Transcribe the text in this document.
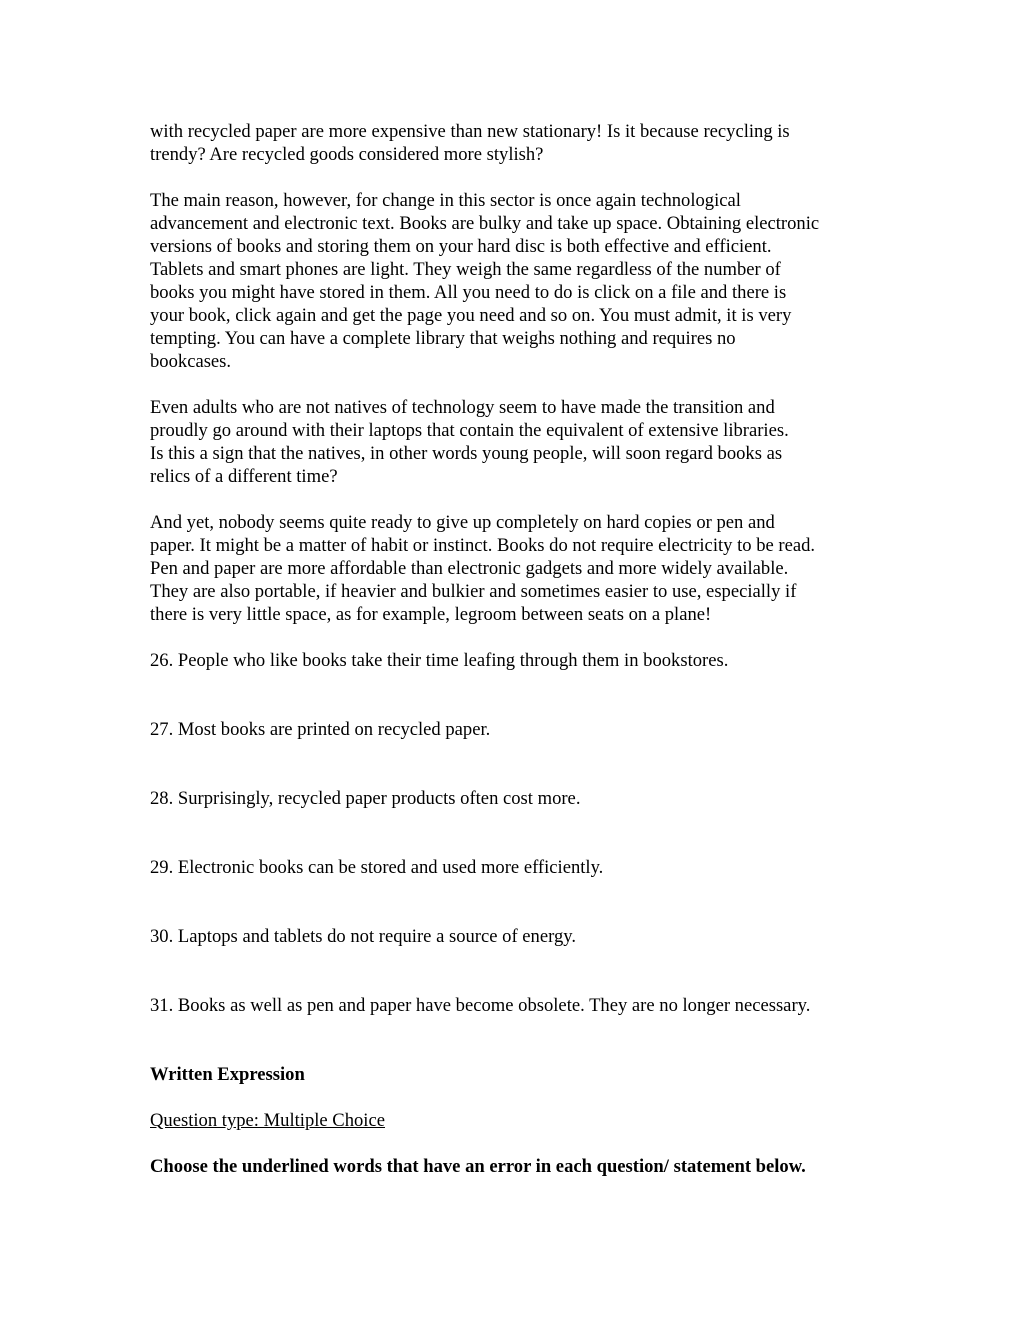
with recycled paper are more expensive than new stationary! Is it because recycling is
trendy? Are recycled goods considered more stylish?
The main reason, however, for change in this sector is once again technological
advancement and electronic text. Books are bulky and take up space. Obtaining electronic
versions of books and storing them on your hard disc is both effective and efficient.
Tablets and smart phones are light. They weigh the same regardless of the number of
books you might have stored in them. All you need to do is click on a file and there is
your book, click again and get the page you need and so on. You must admit, it is very
tempting. You can have a complete library that weighs nothing and requires no
bookcases.
Even adults who are not natives of technology seem to have made the transition and
proudly go around with their laptops that contain the equivalent of extensive libraries.
Is this a sign that the natives, in other words young people, will soon regard books as
relics of a different time?
And yet, nobody seems quite ready to give up completely on hard copies or pen and
paper. It might be a matter of habit or instinct. Books do not require electricity to be read.
Pen and paper are more affordable than electronic gadgets and more widely available.
They are also portable, if heavier and bulkier and sometimes easier to use, especially if
there is very little space, as for example, legroom between seats on a plane!
26. People who like books take their time leafing through them in bookstores.
27. Most books are printed on recycled paper.
28. Surprisingly, recycled paper products often cost more.
29. Electronic books can be stored and used more efficiently.
30. Laptops and tablets do not require a source of energy.
31. Books as well as pen and paper have become obsolete. They are no longer necessary.
Written Expression
Question type: Multiple Choice
Choose the underlined words that have an error in each question/ statement below.
